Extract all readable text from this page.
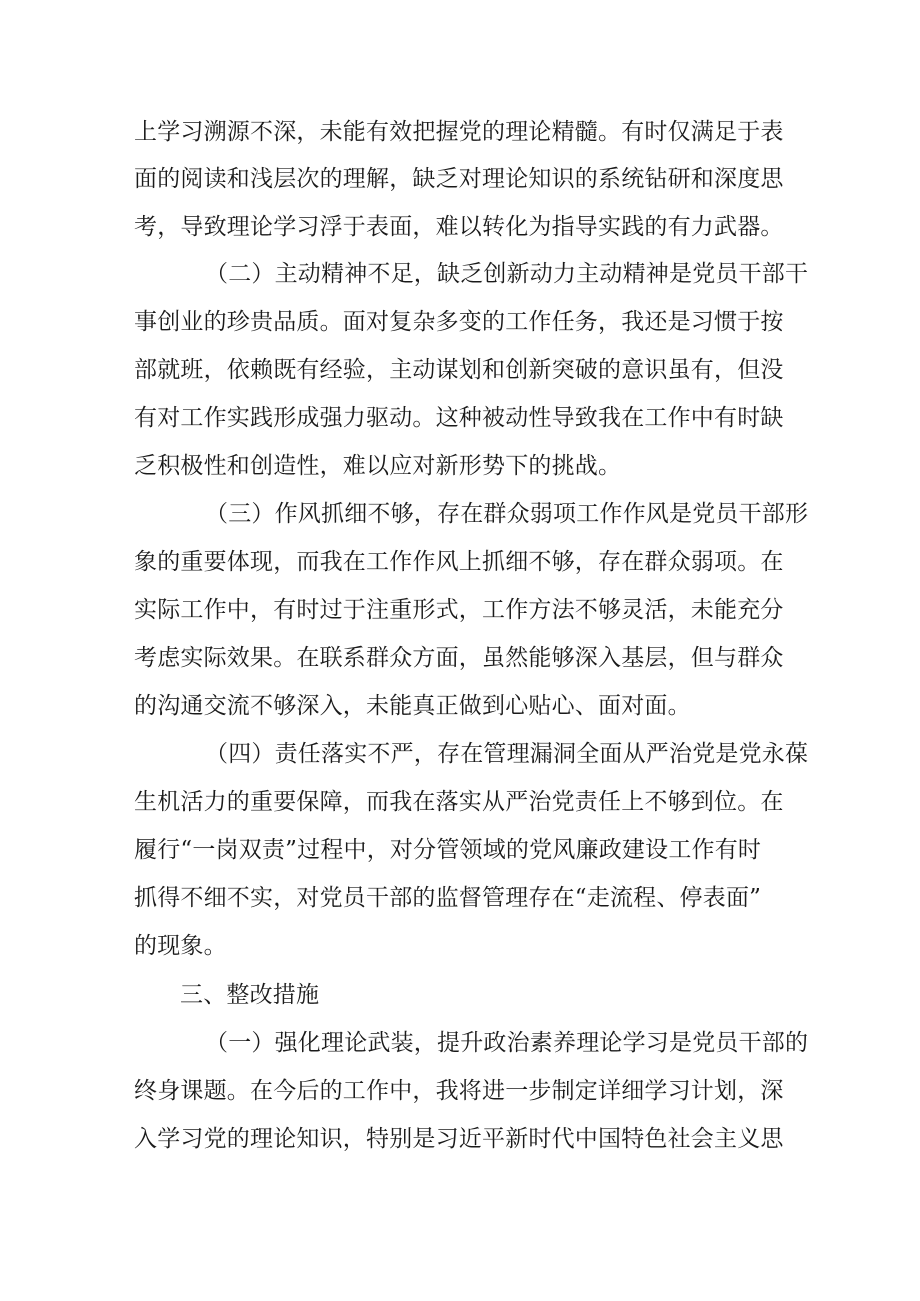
上学习溯源不深，未能有效把握党的理论精髓。有时仅满足于表
面的阅读和浅层次的理解，缺乏对理论知识的系统钻研和深度思
考，导致理论学习浮于表面，难以转化为指导实践的有力武器。
（二）主动精神不足，缺乏创新动力主动精神是党员干部干
事创业的珍贵品质。面对复杂多变的工作任务，我还是习惯于按
部就班，依赖既有经验，主动谋划和创新突破的意识虽有，但没
有对工作实践形成强力驱动。这种被动性导致我在工作中有时缺
乏积极性和创造性，难以应对新形势下的挑战。
（三）作风抓细不够，存在群众弱项工作作风是党员干部形
象的重要体现，而我在工作作风上抓细不够，存在群众弱项。在
实际工作中，有时过于注重形式，工作方法不够灵活，未能充分
考虑实际效果。在联系群众方面，虽然能够深入基层，但与群众
的沟通交流不够深入，未能真正做到心贴心、面对面。
（四）责任落实不严，存在管理漏洞全面从严治党是党永葆
生机活力的重要保障，而我在落实从严治党责任上不够到位。在
履行“一岗双责”过程中，对分管领域的党风廉政建设工作有时
抓得不细不实，对党员干部的监督管理存在“走流程、停表面”
的现象。
三、整改措施
（一）强化理论武装，提升政治素养理论学习是党员干部的
终身课题。在今后的工作中，我将进一步制定详细学习计划，深
入学习党的理论知识，特别是习近平新时代中国特色社会主义思
